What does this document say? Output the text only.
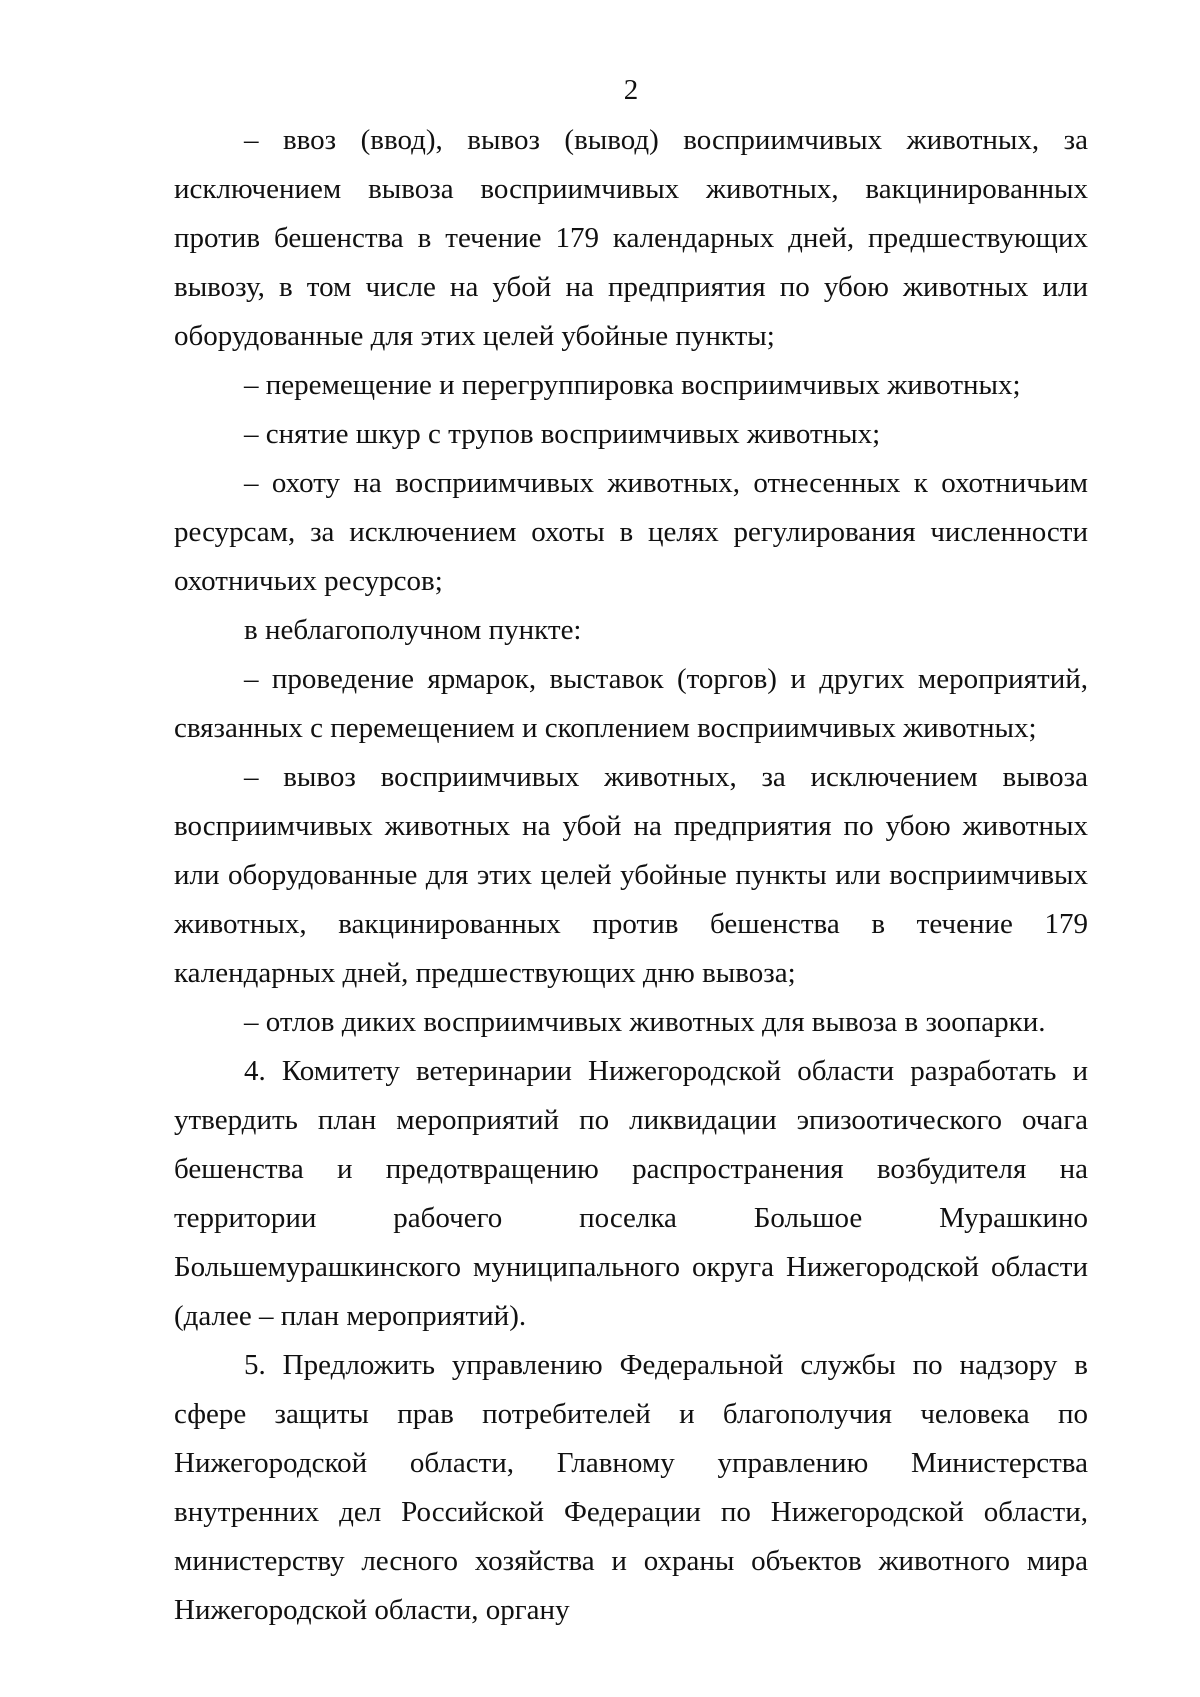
2

– ввоз (ввод), вывоз (вывод) восприимчивых животных, за исключением вывоза восприимчивых животных, вакцинированных против бешенства в течение 179 календарных дней, предшествующих вывозу, в том числе на убой на предприятия по убою животных или оборудованные для этих целей убойные пункты;

– перемещение и перегруппировка восприимчивых животных;

– снятие шкур с трупов восприимчивых животных;

– охоту на восприимчивых животных, отнесенных к охотничьим ресурсам, за исключением охоты в целях регулирования численности охотничьих ресурсов;

в неблагополучном пункте:

– проведение ярмарок, выставок (торгов) и других мероприятий, связанных с перемещением и скоплением восприимчивых животных;

– вывоз восприимчивых животных, за исключением вывоза восприимчивых животных на убой на предприятия по убою животных или оборудованные для этих целей убойные пункты или восприимчивых животных, вакцинированных против бешенства в течение 179 календарных дней, предшествующих дню вывоза;

– отлов диких восприимчивых животных для вывоза в зоопарки.

4. Комитету ветеринарии Нижегородской области разработать и утвердить план мероприятий по ликвидации эпизоотического очага бешенства и предотвращению распространения возбудителя на территории рабочего поселка Большое Мурашкино Большемурашкинского муниципального округа Нижегородской области (далее – план мероприятий).

5. Предложить управлению Федеральной службы по надзору в сфере защиты прав потребителей и благополучия человека по Нижегородской области, Главному управлению Министерства внутренних дел Российской Федерации по Нижегородской области, министерству лесного хозяйства и охраны объектов животного мира Нижегородской области, органу
